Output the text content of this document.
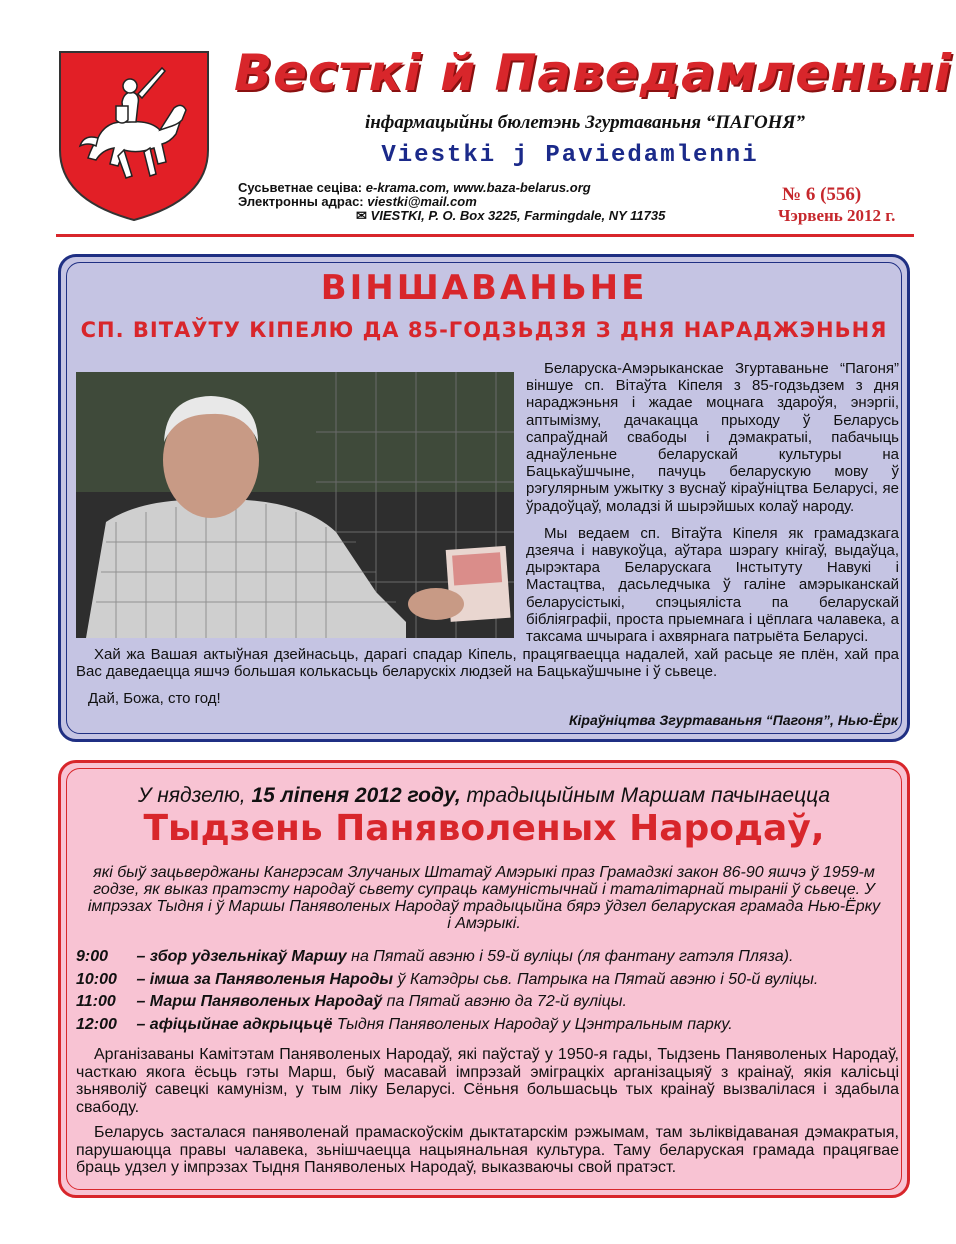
Весткі й Паведамленьні
інфармацыйны бюлетэнь Згуртаваньня “ПАГОНЯ”
Viestki j Paviedamlenni
Сусьветнае сеціва: e-krama.com, www.baza-belarus.org
Электронны адрас: viestki@mail.com
✉ VIESTKI, P. O. Box 3225, Farmingdale, NY 11735
№ 6 (556)
Чэрвень 2012 г.
ВІНШАВАНЬНЕ
СП. ВІТАЎТУ КІПЕЛЮ ДА 85-ГОДЗЬДЗЯ З ДНЯ НАРАДЖЭНЬНЯ

Беларуска-Амэрыканскае Згуртаваньне “Пагоня” віншуе сп. Вітаўта Кіпеля з 85-годзьдзем з дня нараджэньня і жадае моцнага здароўя, энэргіі, аптымізму, дачакацца прыходу ў Беларусь сапраўднай свабоды і дэмакратыі, пабачыць аднаўленьне беларускай культуры на Бацькаўшчыне, пачуць беларускую мову ў рэгулярным ужытку з вуснаў кіраўніцтва Беларусі, яе ўрадоўцаў, моладзі й шырэйшых колаў народу.

Мы ведаем сп. Вітаўта Кіпеля як грамадзкага дзеяча і навукоўца, аўтара шэрагу кнігаў, выдаўца, дырэктара Беларускага Інстытуту Навукі і Мастацтва, дасьледчыка ў галіне амэрыканскай беларусістыкі, спэцыяліста па беларускай бібліяграфіі, проста прыемнага і цёплага чалавека, а таксама шчырага і ахвярнага патрыёта Беларусі.

Хай жа Вашая актыўная дзейнасьць, дарагі спадар Кіпель, працягваецца надалей, хай расьце яе плён, хай пра Вас даведаецца яшчэ большая колькасьць беларускіх людзей на Бацькаўшчыне і ў сьвеце.

Дай, Божа, сто год!
Кіраўніцтва Згуртаваньня “Пагоня”, Нью-Ёрк
У нядзелю, 15 ліпеня 2012 году, традыцыйным Маршам пачынаецца
Тыдзень Паняволеных Народаў,
які быў зацьверджаны Кангрэсам Злучаных Штатаў Амэрыкі праз Грамадзкі закон 86-90 яшчэ ў 1959-м годзе, як выказ пратэсту народаў сьвету супраць камуністычнай і таталітарнай тырaніі ў сьвеце. У імпрэзах Тыдня і ў Маршы Паняволеных Народаў традыцыйна бярэ ўдзел беларуская грамада Нью-Ёрку і Амэрыкі.
9:00 – збор удзельнікаў Маршу на Пятай авэню і 59-й вуліцы (ля фантану гатэля Пляза).
10:00 – імша за Паняволеныя Народы ў Катэдры сьв. Патрыка на Пятай авэню і 50-й вуліцы.
11:00 – Марш Паняволеных Народаў па Пятай авэню да 72-й вуліцы.
12:00 – афіцыйнае адкрыцьцё Тыдня Паняволеных Народаў у Цэнтральным парку.

Арганізаваны Камітэтам Паняволеных Народаў, які паўстаў у 1950-я гады, Тыдзень Паняволеных Народаў, часткаю якога ёсьць гэты Марш, быў масавай імпрэзай эміграцкіх арганізацыяў з краінаў, якія калісьці зьняволіў савецкі камунізм, у тым ліку Беларусі. Сёньня большасьць тых краінаў вызвалілася і здабыла свабоду.

Беларусь засталася паняволенай прамаскоўскім дыктатарскім рэжымам, там зьліквідаваная дэмакратыя, парушаюцца правы чалавека, зьнішчаецца нацыянальная культура. Таму беларуская грамада працягвае браць удзел у імпрэзах Тыдня Паняволеных Народаў, выказваючы свой пратэст.
